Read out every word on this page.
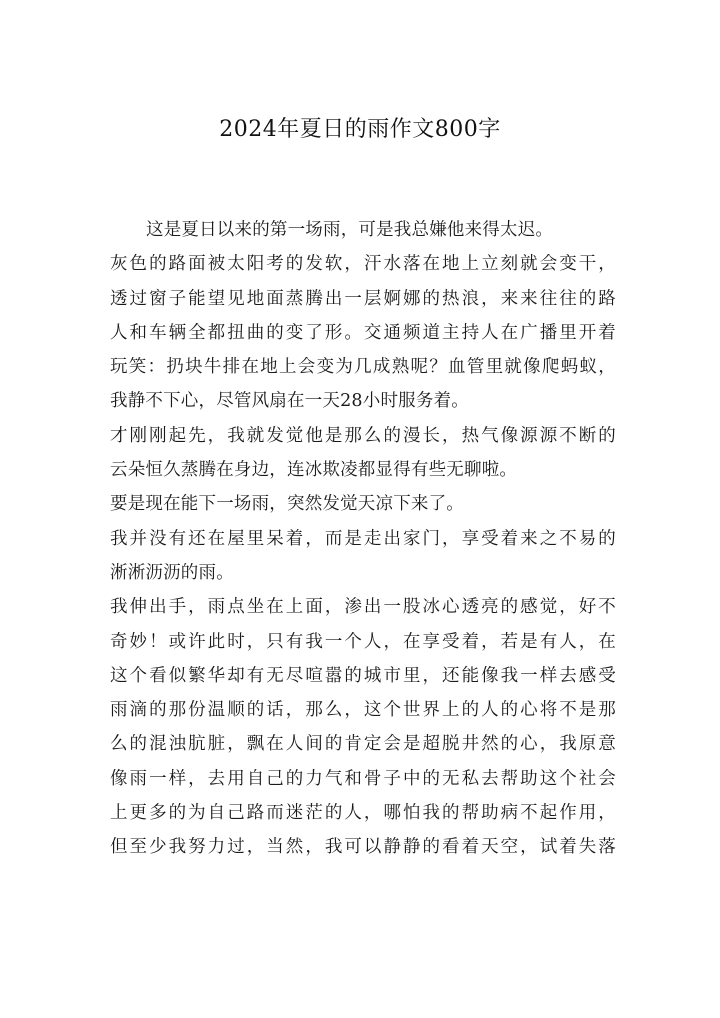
2024年夏日的雨作文800字
这是夏日以来的第一场雨，可是我总嫌他来得太迟。
灰色的路面被太阳考的发软，汗水落在地上立刻就会变干，
透过窗子能望见地面蒸腾出一层婀娜的热浪，来来往往的路
人和车辆全都扭曲的变了形。交通频道主持人在广播里开着
玩笑：扔块牛排在地上会变为几成熟呢？血管里就像爬蚂蚁，
我静不下心，尽管风扇在一天28小时服务着。
才刚刚起先，我就发觉他是那么的漫长，热气像源源不断的
云朵恒久蒸腾在身边，连冰欺凌都显得有些无聊啦。
要是现在能下一场雨，突然发觉天凉下来了。
我并没有还在屋里呆着，而是走出家门，享受着来之不易的
淅淅沥沥的雨。
我伸出手，雨点坐在上面，渗出一股冰心透亮的感觉，好不
奇妙！或许此时，只有我一个人，在享受着，若是有人，在
这个看似繁华却有无尽喧嚣的城市里，还能像我一样去感受
雨滴的那份温顺的话，那么，这个世界上的人的心将不是那
么的混浊肮脏，飘在人间的肯定会是超脱井然的心，我原意
像雨一样，去用自己的力气和骨子中的无私去帮助这个社会
上更多的为自己路而迷茫的人，哪怕我的帮助病不起作用，
但至少我努力过，当然，我可以静静的看着天空，试着失落
